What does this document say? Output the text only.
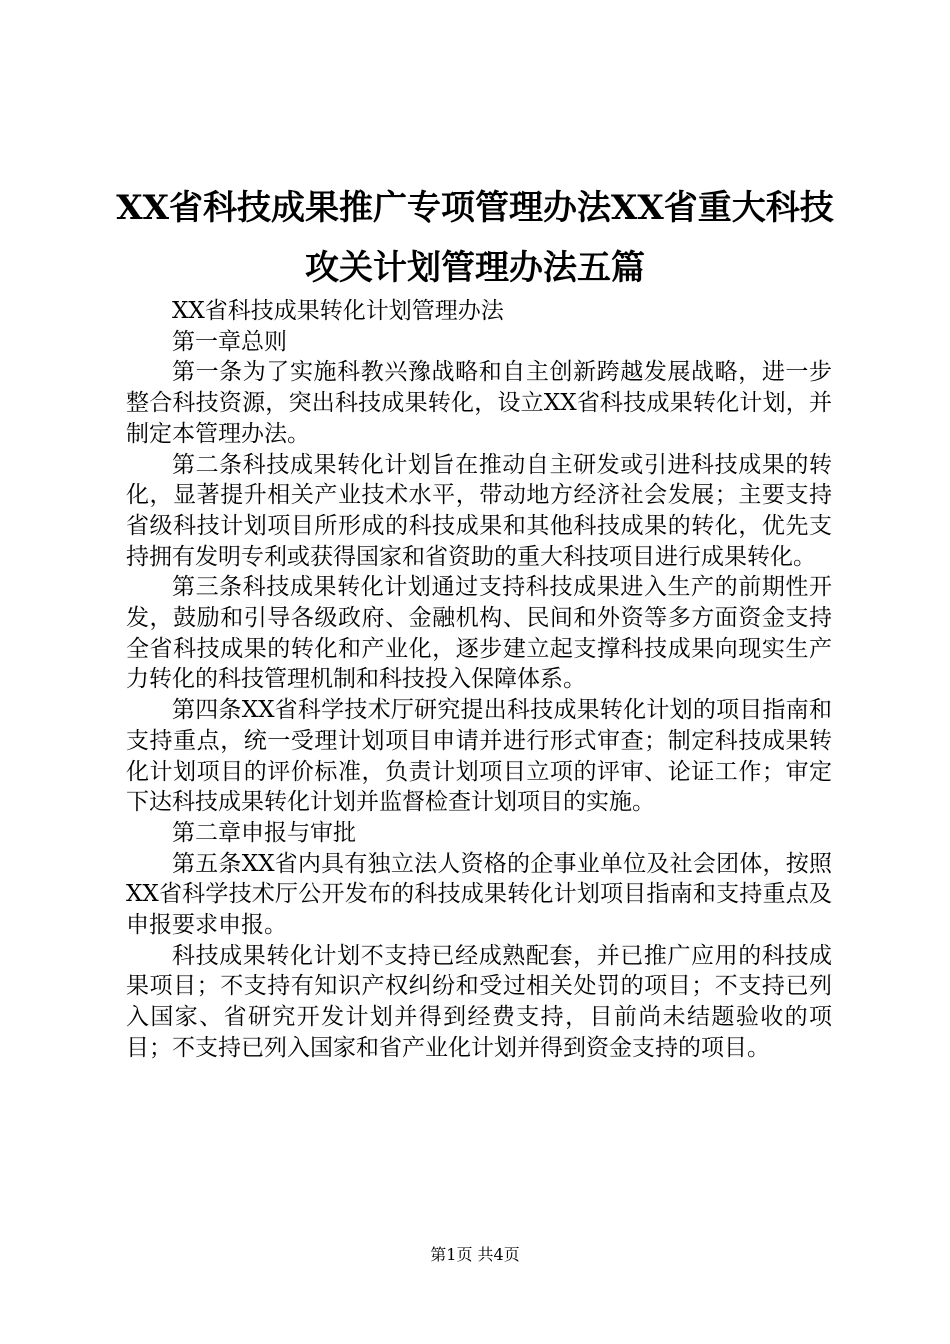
XX省科技成果推广专项管理办法XX省重大科技攻关计划管理办法五篇

XX省科技成果转化计划管理办法

第一章总则

第一条为了实施科教兴豫战略和自主创新跨越发展战略，进一步整合科技资源，突出科技成果转化，设立XX省科技成果转化计划，并制定本管理办法。

第二条科技成果转化计划旨在推动自主研发或引进科技成果的转化，显著提升相关产业技术水平，带动地方经济社会发展；主要支持省级科技计划项目所形成的科技成果和其他科技成果的转化，优先支持拥有发明专利或获得国家和省资助的重大科技项目进行成果转化。

第三条科技成果转化计划通过支持科技成果进入生产的前期性开发，鼓励和引导各级政府、金融机构、民间和外资等多方面资金支持全省科技成果的转化和产业化，逐步建立起支撑科技成果向现实生产力转化的科技管理机制和科技投入保障体系。

第四条XX省科学技术厅研究提出科技成果转化计划的项目指南和支持重点，统一受理计划项目申请并进行形式审查；制定科技成果转化计划项目的评价标准，负责计划项目立项的评审、论证工作；审定下达科技成果转化计划并监督检查计划项目的实施。

第二章申报与审批

第五条XX省内具有独立法人资格的企事业单位及社会团体，按照XX省科学技术厅公开发布的科技成果转化计划项目指南和支持重点及申报要求申报。

科技成果转化计划不支持已经成熟配套，并已推广应用的科技成果项目；不支持有知识产权纠纷和受过相关处罚的项目；不支持已列入国家、省研究开发计划并得到经费支持，目前尚未结题验收的项目；不支持已列入国家和省产业化计划并得到资金支持的项目。

第1页 共4页
